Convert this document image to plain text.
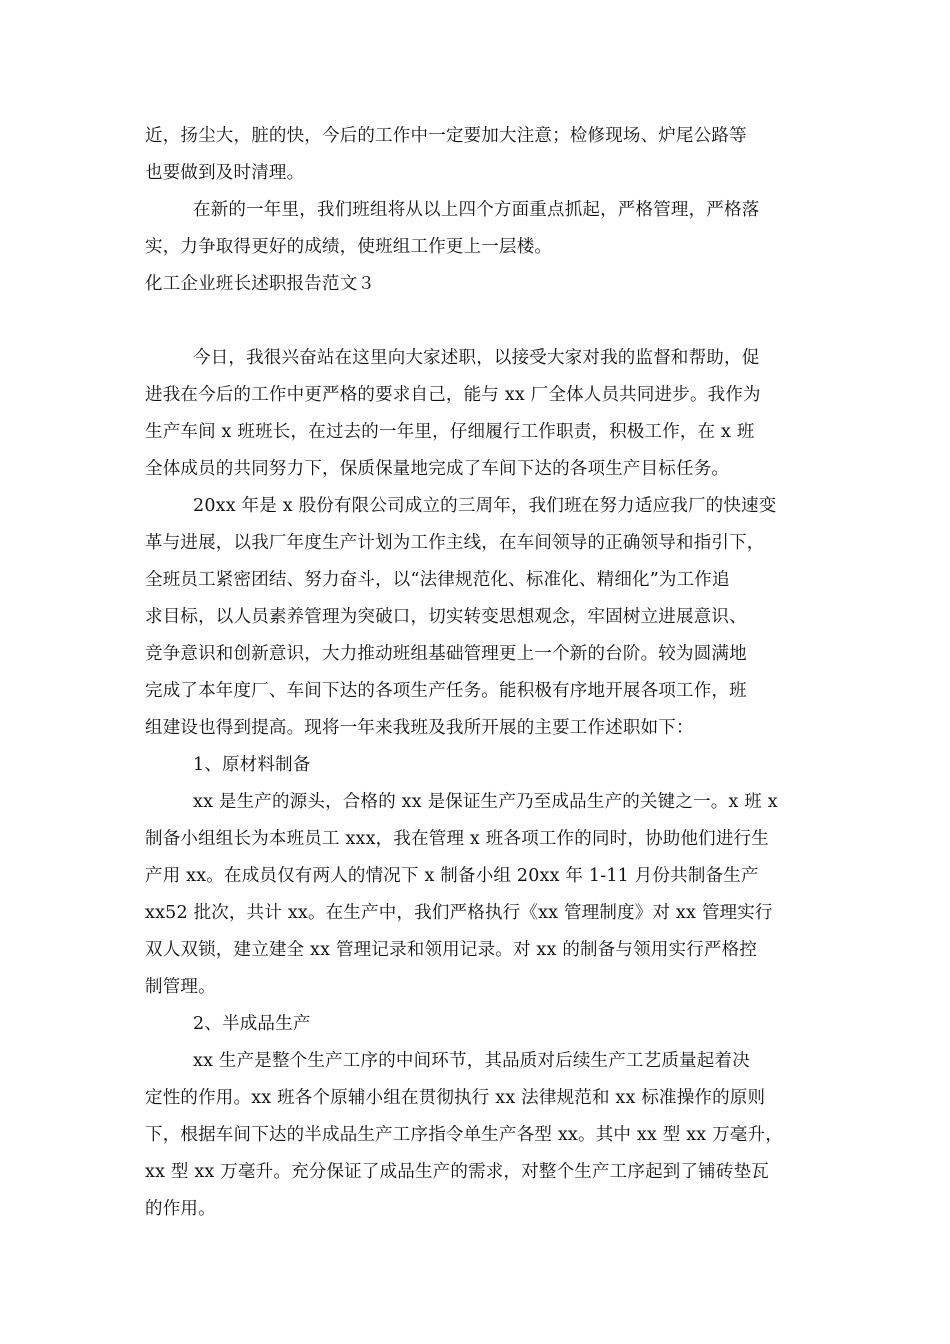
近，扬尘大，脏的快，今后的工作中一定要加大注意；检修现场、炉尾公路等
也要做到及时清理。
在新的一年里，我们班组将从以上四个方面重点抓起，严格管理，严格落
实，力争取得更好的成绩，使班组工作更上一层楼。
化工企业班长述职报告范文３
今日，我很兴奋站在这里向大家述职，以接受大家对我的监督和帮助，促
进我在今后的工作中更严格的要求自己，能与 xx 厂全体人员共同进步。我作为
生产车间 x 班班长，在过去的一年里，仔细履行工作职责，积极工作，在 x 班
全体成员的共同努力下，保质保量地完成了车间下达的各项生产目标任务。
20xx 年是 x 股份有限公司成立的三周年，我们班在努力适应我厂的快速变
革与进展，以我厂年度生产计划为工作主线，在车间领导的正确领导和指引下，
全班员工紧密团结、努力奋斗，以“法律规范化、标准化、精细化”为工作追
求目标，以人员素养管理为突破口，切实转变思想观念，牢固树立进展意识、
竞争意识和创新意识，大力推动班组基础管理更上一个新的台阶。较为圆满地
完成了本年度厂、车间下达的各项生产任务。能积极有序地开展各项工作，班
组建设也得到提高。现将一年来我班及我所开展的主要工作述职如下：
1、原材料制备
xx 是生产的源头，合格的 xx 是保证生产乃至成品生产的关键之一。x 班 x
制备小组组长为本班员工 xxx，我在管理 x 班各项工作的同时，协助他们进行生
产用 xx。在成员仅有两人的情况下 x 制备小组 20xx 年 1-11 月份共制备生产
xx52 批次，共计 xx。在生产中，我们严格执行《xx 管理制度》对 xx 管理实行
双人双锁，建立建全 xx 管理记录和领用记录。对 xx 的制备与领用实行严格控
制管理。
2、半成品生产
xx 生产是整个生产工序的中间环节，其品质对后续生产工艺质量起着决
定性的作用。xx 班各个原辅小组在贯彻执行 xx 法律规范和 xx 标准操作的原则
下，根据车间下达的半成品生产工序指令单生产各型 xx。其中 xx 型 xx 万毫升，
xx 型 xx 万毫升。充分保证了成品生产的需求，对整个生产工序起到了铺砖垫瓦
的作用。
